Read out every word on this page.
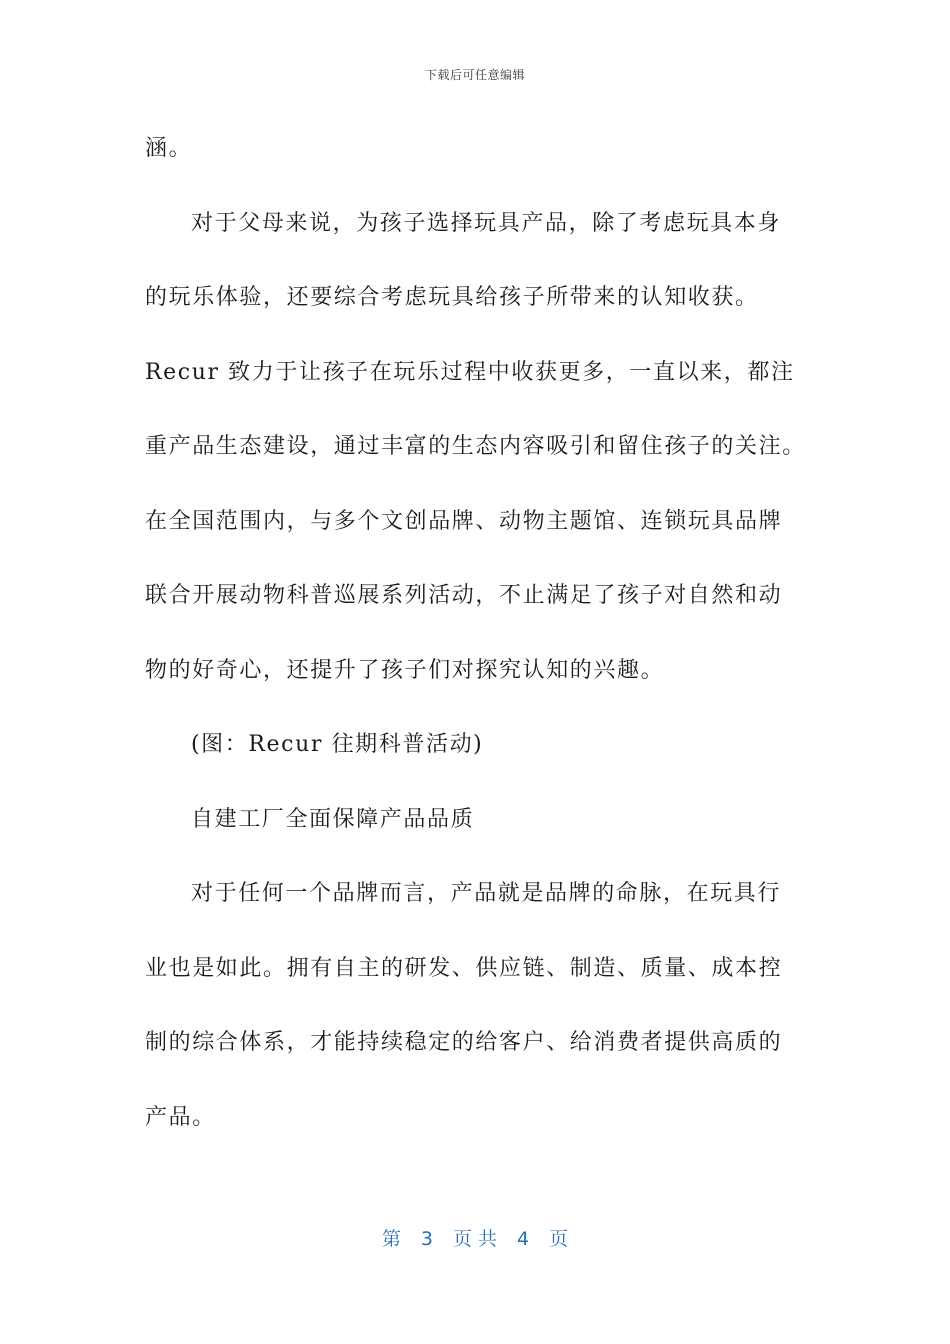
下载后可任意编辑
涵。
对于父母来说，为孩子选择玩具产品，除了考虑玩具本身
的玩乐体验，还要综合考虑玩具给孩子所带来的认知收获。
Recur 致力于让孩子在玩乐过程中收获更多，一直以来，都注
重产品生态建设，通过丰富的生态内容吸引和留住孩子的关注。
在全国范围内，与多个文创品牌、动物主题馆、连锁玩具品牌
联合开展动物科普巡展系列活动，不止满足了孩子对自然和动
物的好奇心，还提升了孩子们对探究认知的兴趣。
(图：Recur 往期科普活动)
自建工厂全面保障产品品质
对于任何一个品牌而言，产品就是品牌的命脉，在玩具行
业也是如此。拥有自主的研发、供应链、制造、质量、成本控
制的综合体系，才能持续稳定的给客户、给消费者提供高质的
产品。
第 3 页 共 4 页
